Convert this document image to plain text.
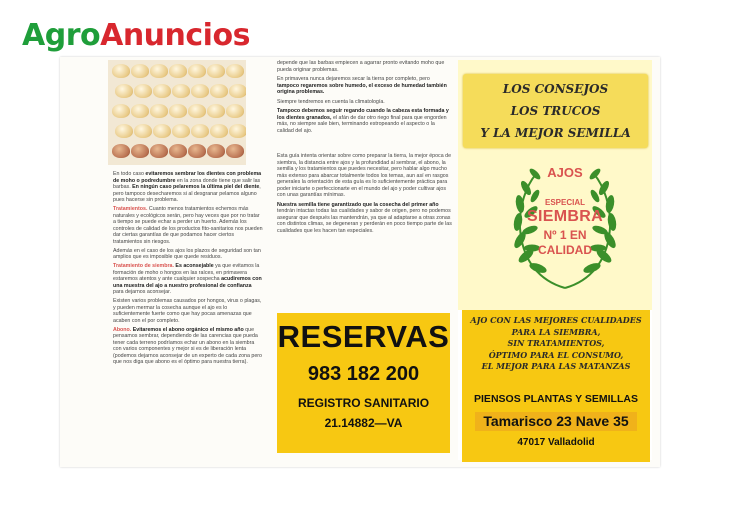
AgroAnuncios

En todo caso evitaremos sembrar los dientes con problema de moho o podredumbre en la zona donde tiene que salir las barbas. En ningún caso pelaremos la última piel del diente, pero tampoco desecharemos si al desgranar pelamos alguno pues hacerse sin problema.

Tratamientos. Cuanto menos tratamientos echemos más naturales y ecológicos serán, pero hay veces que por no tratar a tiempo se puede echar a perder un huerto. Además los controles de calidad de los productos fito-sanitarios nos pueden dar ciertas garantías de que podamos hacer ciertos tratamientos sin riesgos.

Además en el caso de los ajos los plazos de seguridad son tan amplios que es imposible que quede residuos.

Tratamiento de siembra. Es aconsejable ya que evitamos la formación de moho o hongos en las raíces, en primavera estaremos atentos y ante cualquier sospecha acudiremos con una muestra del ajo a nuestro profesional de confianza para dejarnos aconsejar.

Existen varios problemas causados por hongos, virus o plagas, y pueden mermar la cosecha aunque el ajo es lo suficientemente fuerte como que hay pocas amenazas que acaben con el por completo.

Abono. Evitaremos el abono orgánico el mismo año que pensamos sembrar, dependiendo de las carencias que pueda tener cada terreno podríamos echar un abono en la siembra con varios componentes y mejor si es de liberación lenta (podemos dejarnos aconsejar de un experto de cada zona pero que nos diga que abono es el óptimo para nuestra tierra).

depende que las barbas empiecen a agarrar pronto evitando moho que pueda originar problemas.

En primavera nunca dejaremos secar la tierra por completo, pero tampoco regaremos sobre humedo, el exceso de humedad también origina problemas.

Siempre tendremos en cuenta la climatología.

Tampoco debemos seguir regando cuando la cabeza esta formada y los dientes granados, el afán de dar otro riego final para que engorden más, no siempre sale bien, terminando estropeando el aspecto o la calidad del ajo.

Esta guía intenta orientar sobre como preparar la tierra, la mejor época de siembra, la distancia entre ajos y la profundidad al sembrar, el abono, la semilla y los tratamientos que puedes necesitar, pero hablar algo mucho más extenso para abarcar totalmente todos los temas, aun así en rasgos generales la orientación de esta guía es lo suficientemente práctica para poder iniciarte o perfeccionarte en el mundo del ajo y poder cultivar ajos con unas garantías mínimas.

Nuestra semilla tiene garantizado que la cosecha del primer año tendrán intactas todas las cualidades y sabor de origen, pero no podemos asegurar que después las mantendrán, ya que al adaptarse a otras zonas con distintos climas, se degeneran y perderán en poco tiempo parte de las cualidades que les hacen tan especiales.

RESERVAS
983 182 200
REGISTRO SANITARIO
21.14882—VA
LOS CONSEJOS
LOS TRUCOS
Y LA MEJOR SEMILLA
AJOS
ESPECIAL
SIEMBRA
Nº 1 EN
CALIDAD
AJO CON LAS MEJORES CUALIDADES
PARA LA SIEMBRA,
SIN TRATAMIENTOS,
ÓPTIMO PARA EL CONSUMO,
EL MEJOR PARA LAS MATANZAS
PIENSOS PLANTAS Y SEMILLAS
Tamarisco 23 Nave 35
47017 Valladolid
